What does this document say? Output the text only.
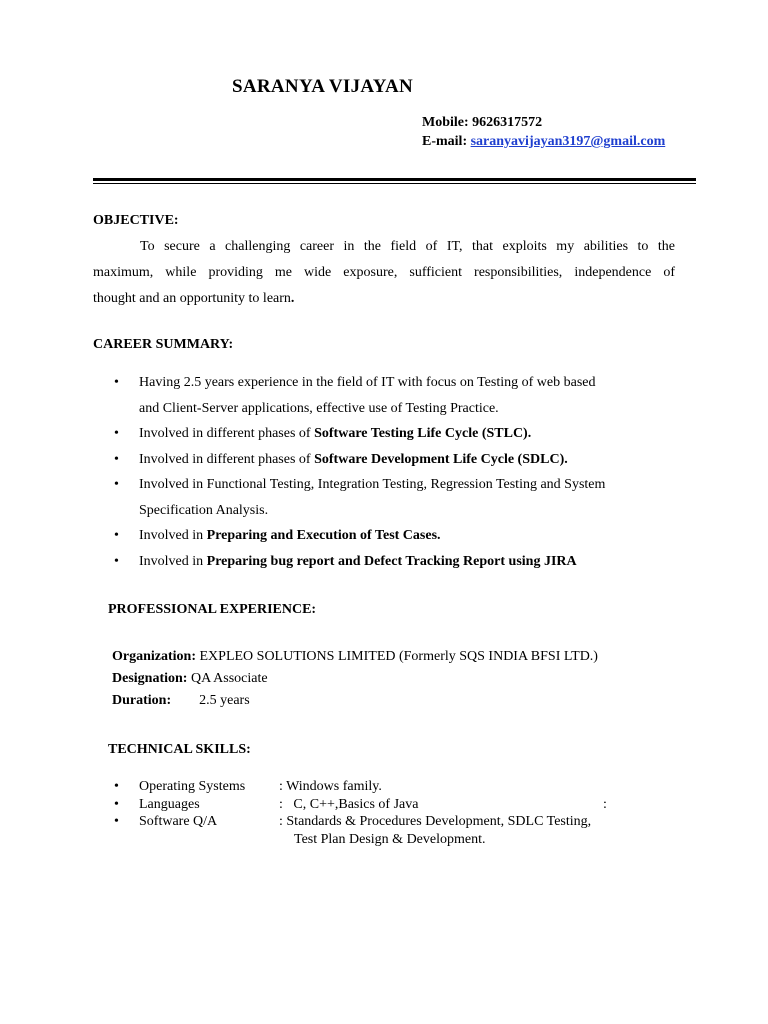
SARANYA VIJAYAN
Mobile: 9626317572
E-mail: saranyavijayan3197@gmail.com
OBJECTIVE:
To secure a challenging career in the field of IT, that exploits my abilities to the
maximum, while providing me wide exposure, sufficient responsibilities, independence of
thought and an opportunity to learn.
CAREER SUMMARY:
• Having 2.5 years experience in the field of IT with focus on Testing of web based
and Client-Server applications, effective use of Testing Practice.
• Involved in different phases of Software Testing Life Cycle (STLC).
• Involved in different phases of Software Development Life Cycle (SDLC).
• Involved in Functional Testing, Integration Testing, Regression Testing and System
Specification Analysis.
• Involved in Preparing and Execution of Test Cases.
• Involved in Preparing bug report and Defect Tracking Report using JIRA
PROFESSIONAL EXPERIENCE:
Organization: EXPLEO SOLUTIONS LIMITED (Formerly SQS INDIA BFSI LTD.)
Designation: QA Associate
Duration: 2.5 years
TECHNICAL SKILLS:
• Operating Systems : Windows family.
• Languages	:   C, C++,Basics of Java	:
• Software Q/A	: Standards & Procedures Development, SDLC Testing,
Test Plan Design & Development.
